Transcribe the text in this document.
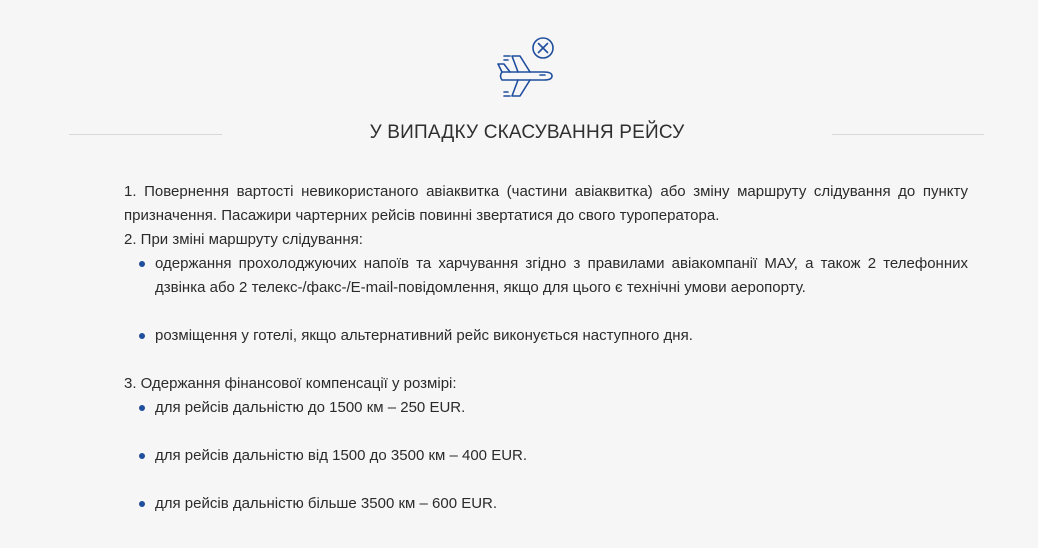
У ВИПАДКУ СКАСУВАННЯ РЕЙСУ

1. Повернення вартості невикористаного авіаквитка (частини авіаквитка) або зміну маршруту слідування до пункту призначення. Пасажири чартерних рейсів повинні звертатися до свого туроператора.

2. При зміні маршруту слідування:

одержання прохолоджуючих напоїв та харчування згідно з правилами авіакомпанії МАУ, а також 2 телефонних дзвінка або 2 телекс-/факс-/E-mail-повідомлення, якщо для цього є технічні умови аеропорту.
розміщення у готелі, якщо альтернативний рейс виконується наступного дня.

3. Одержання фінансової компенсації у розмірі:

для рейсів дальністю до 1500 км – 250 EUR.
для рейсів дальністю від 1500 до 3500 км – 400 EUR.
для рейсів дальністю більше 3500 км – 600 EUR.
